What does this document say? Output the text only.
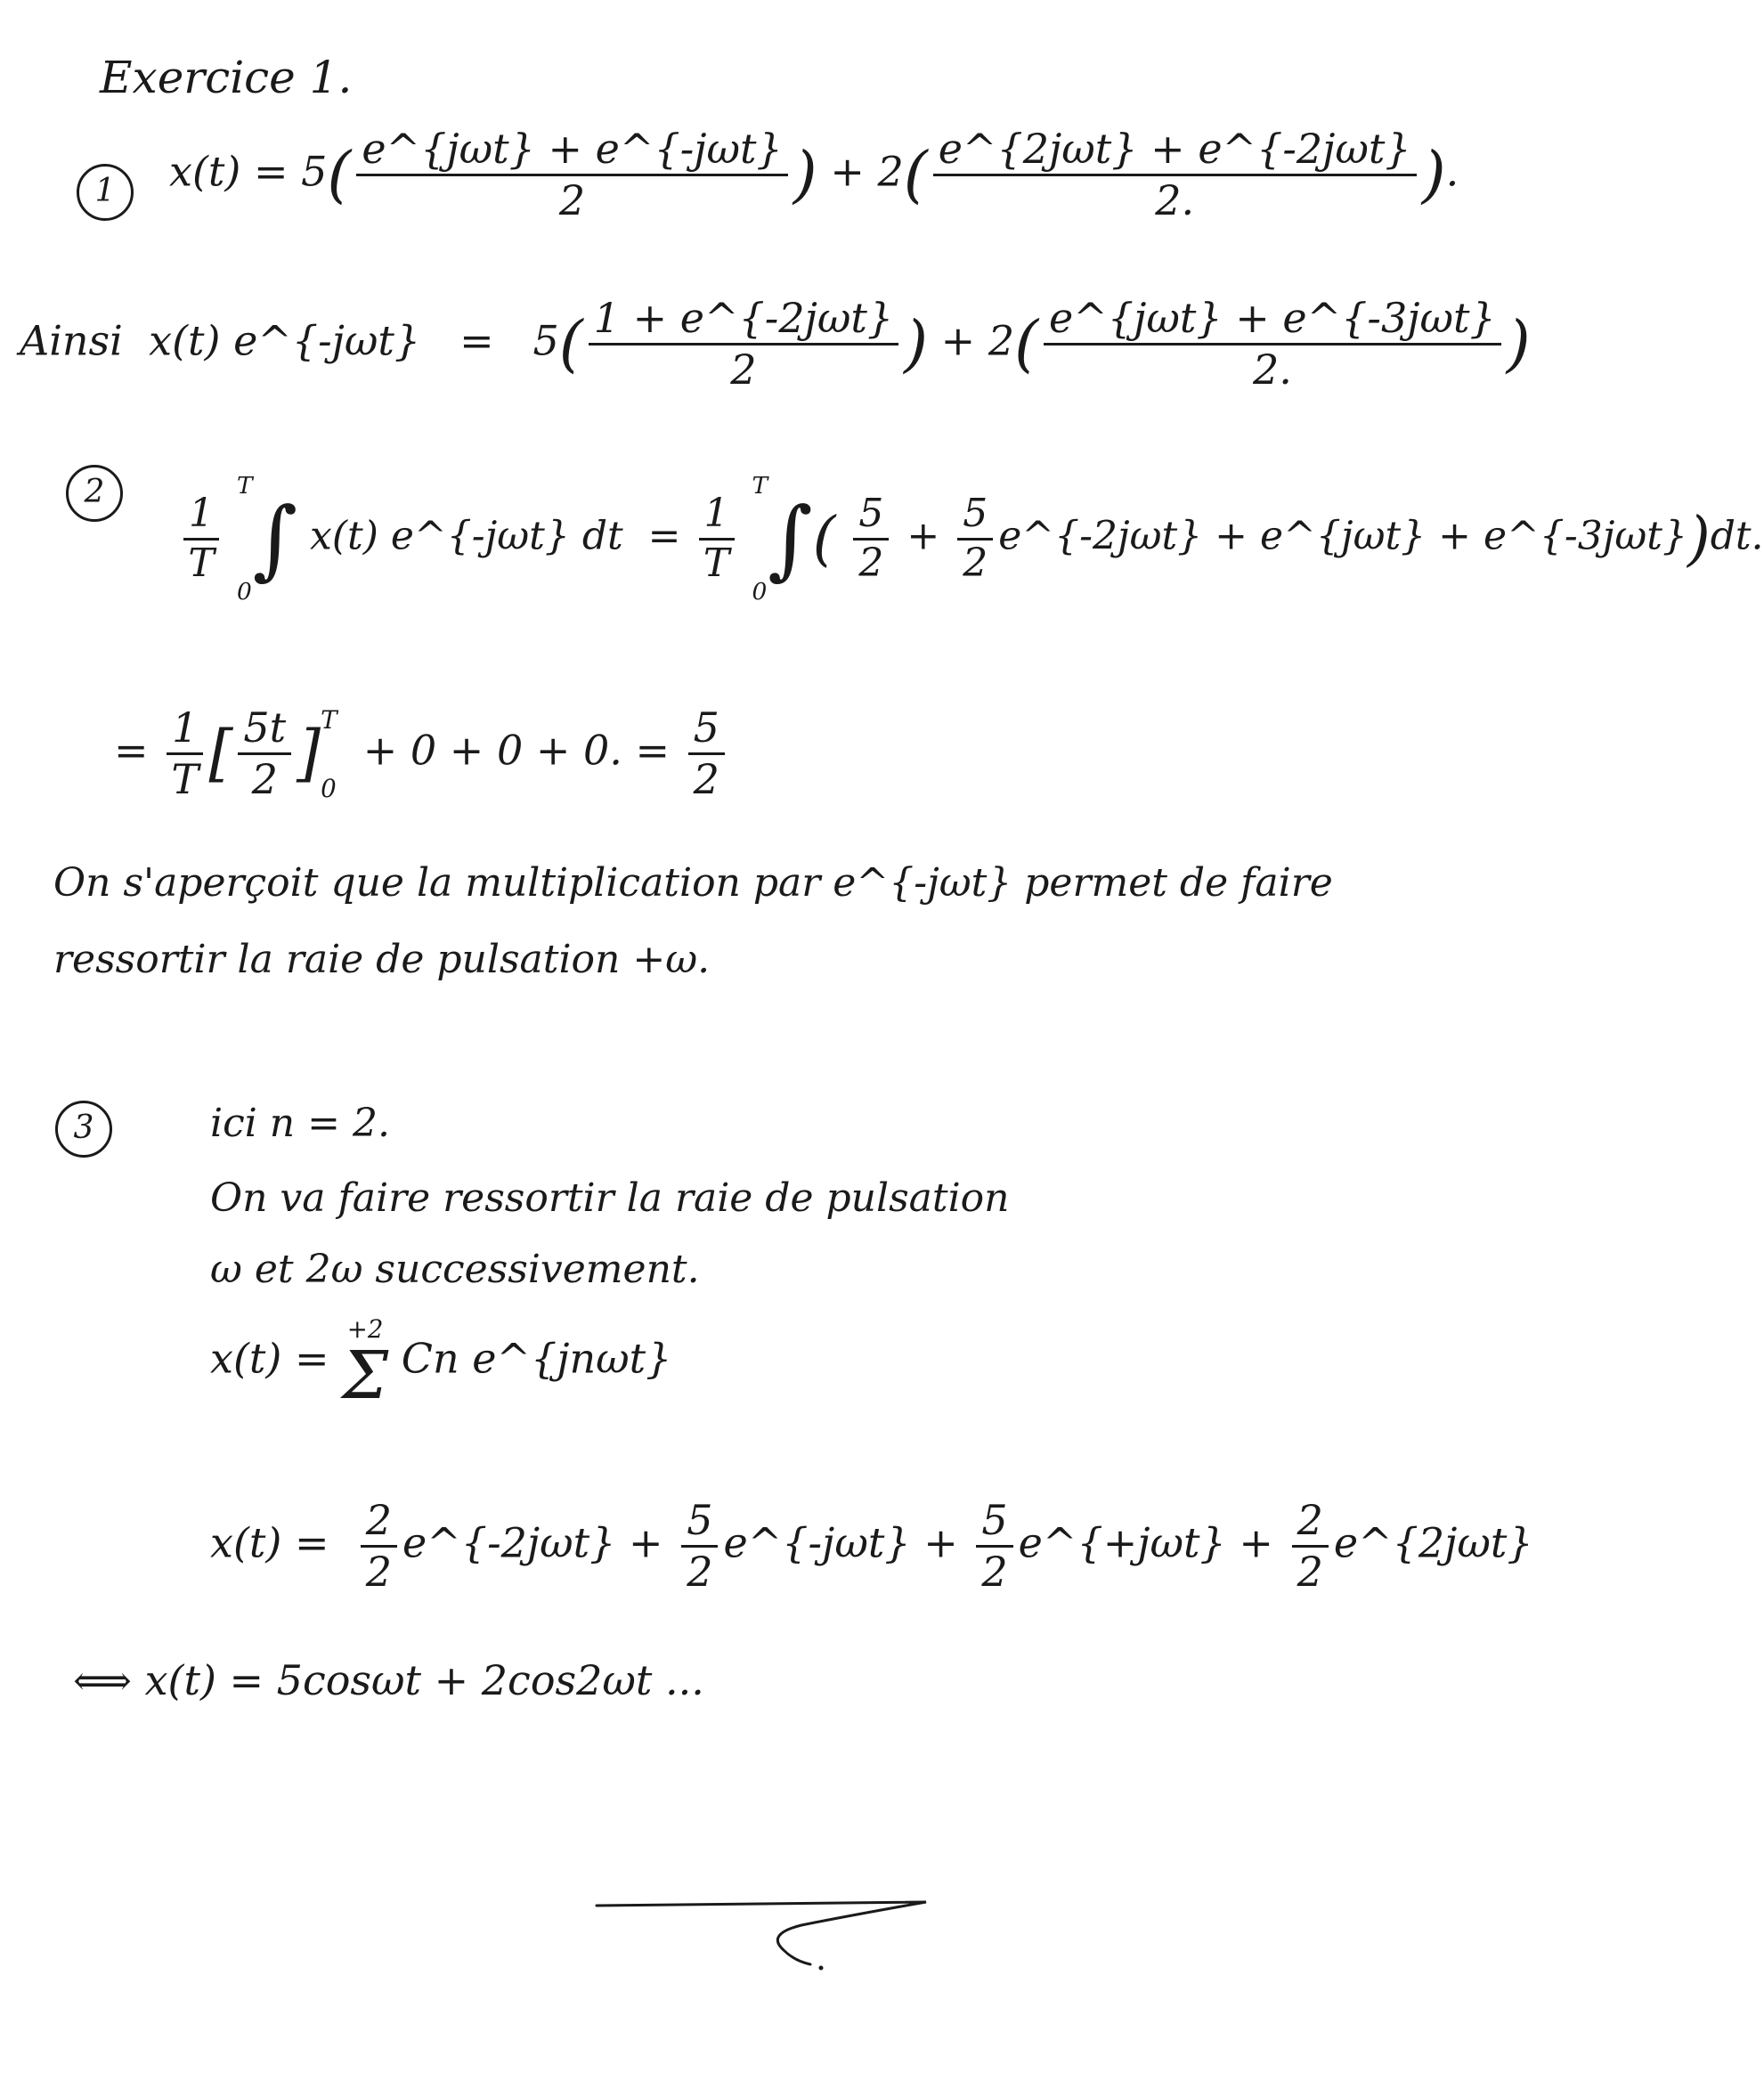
Exercice 1.
1	$x(t) = 5( \frac{\text{e\textasciicircum{}\{jωt\} + e\textasciicircum{}\{-jωt\}}}{2}$ ) + $2( \frac{\text{e\textasciicircum{}\{2jωt\} + e\textasciicircum{}\{-2jωt\}}}{2.}$ ).
Ainsi x(t) e^{-jωt} = $5( \frac{\text{1 + e\textasciicircum{}\{-2jωt\}}}{2}$ ) + $2( \frac{\text{e\textasciicircum{}\{jωt\} + e\textasciicircum{}\{-3jωt\}}}{2.}$ )
2	$\frac{1}{T}$

T
0
∫ x(t) e^{-jωt} dt = $\frac{1}{T}$

T
0
∫( $\frac{5}{2} + \frac{5}{2}$ e^{-2jωt} + e^{jωt} + e^{-3jωt})dt.
= $\frac{1}{T}$ [ $\frac{5t}{2}$ ] T
0
+ 0 + 0 + 0. = $\frac{5}{2}$
On s'aperçoit que la multiplication par e^{-jωt} permet de faire
ressortir la raie de pulsation +ω.
3	ici n = 2.
On va faire ressortir la raie de pulsation
ω et 2ω successivement.
x(t) =
+2
Σ Cn e^{jnωt}
$x(t) = \frac{2}{2}$ e^{-2jωt} + $\frac{5}{2}$ e^{-jωt} + $\frac{5}{2}$ e^{+jωt} + $\frac{2}{2}$ e^{2jωt}
⟺ x(t) = 5cosωt + 2cos2ωt ...
